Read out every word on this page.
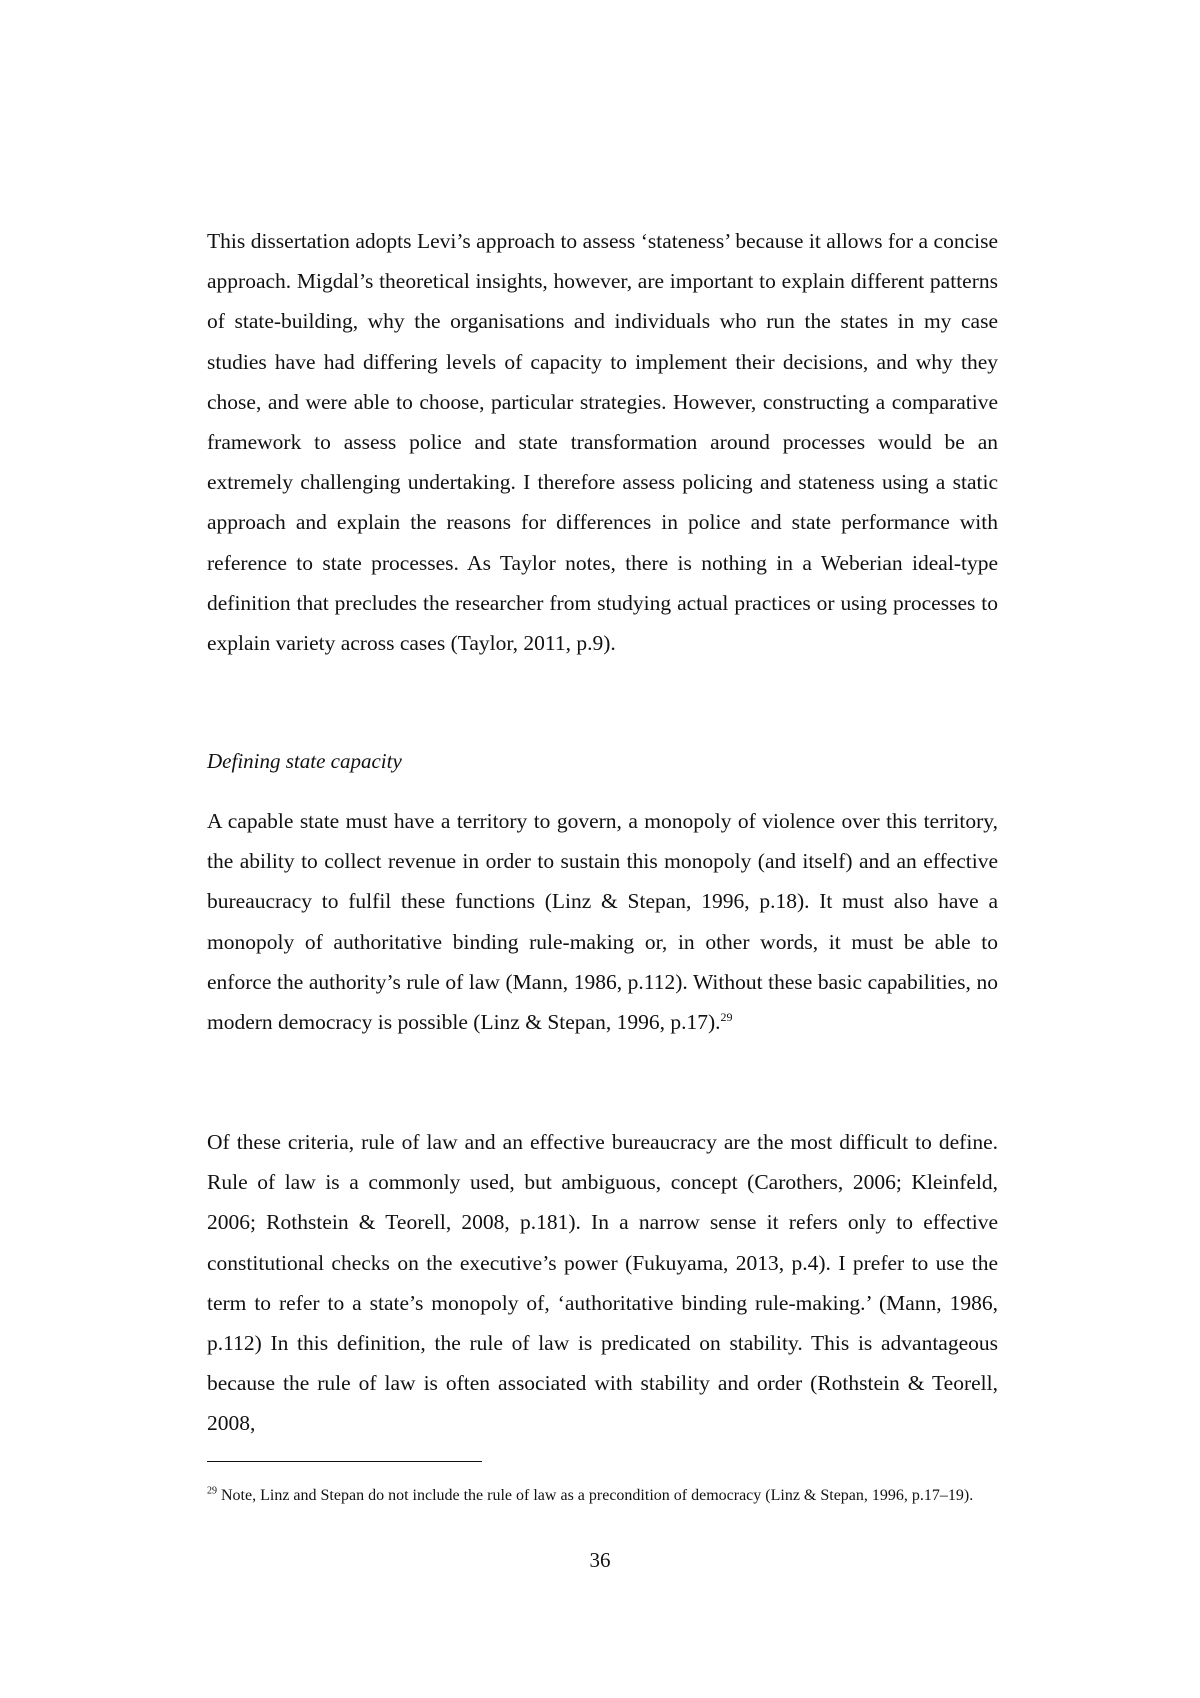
This dissertation adopts Levi’s approach to assess ‘stateness’ because it allows for a concise approach. Migdal’s theoretical insights, however, are important to explain different patterns of state-building, why the organisations and individuals who run the states in my case studies have had differing levels of capacity to implement their decisions, and why they chose, and were able to choose, particular strategies. However, constructing a comparative framework to assess police and state transformation around processes would be an extremely challenging undertaking. I therefore assess policing and stateness using a static approach and explain the reasons for differences in police and state performance with reference to state processes. As Taylor notes, there is nothing in a Weberian ideal-type definition that precludes the researcher from studying actual practices or using processes to explain variety across cases (Taylor, 2011, p.9).

Defining state capacity

A capable state must have a territory to govern, a monopoly of violence over this territory, the ability to collect revenue in order to sustain this monopoly (and itself) and an effective bureaucracy to fulfil these functions (Linz & Stepan, 1996, p.18). It must also have a monopoly of authoritative binding rule-making or, in other words, it must be able to enforce the authority’s rule of law (Mann, 1986, p.112). Without these basic capabilities, no modern democracy is possible (Linz & Stepan, 1996, p.17).$^{29}$

Of these criteria, rule of law and an effective bureaucracy are the most difficult to define. Rule of law is a commonly used, but ambiguous, concept (Carothers, 2006; Kleinfeld, 2006; Rothstein & Teorell, 2008, p.181). In a narrow sense it refers only to effective constitutional checks on the executive’s power (Fukuyama, 2013, p.4). I prefer to use the term to refer to a state’s monopoly of, ‘authoritative binding rule-making.’ (Mann, 1986, p.112) In this definition, the rule of law is predicated on stability. This is advantageous because the rule of law is often associated with stability and order (Rothstein & Teorell, 2008,

$^{29}$ Note, Linz and Stepan do not include the rule of law as a precondition of democracy (Linz & Stepan, 1996, p.17–19).

36
